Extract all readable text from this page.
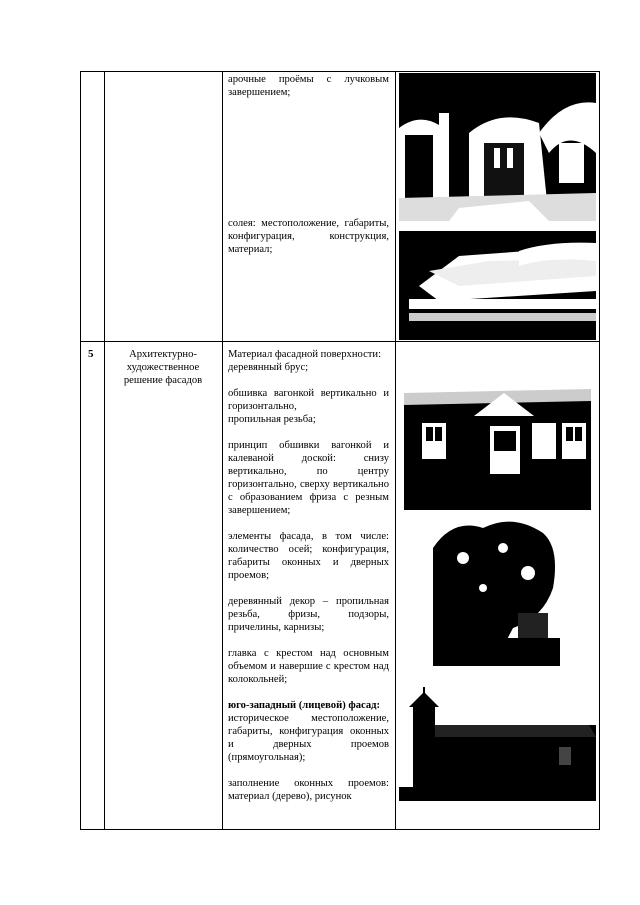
арочные проёмы с лучковым завершением;

солея: местоположение, габариты, конфигурация, конструкция, материал;

5	Архитектурно-художественное решение фасадов

Материал фасадной поверхности:
деревянный брус;

обшивка вагонкой вертикально и горизонтально,
пропильная резьба;

принцип обшивки вагонкой и калеваной доской: снизу вертикально, по центру горизонтально, сверху вертикально с образованием фриза с резным завершением;

элементы фасада, в том числе: количество осей; конфигурация, габариты оконных и дверных проемов;

деревянный декор – пропильная резьба, фризы, подзоры, причелины, карнизы;

главка с крестом над основным объемом и навершие с крестом над колокольней;

юго-западный (лицевой) фасад:
историческое местоположение, габариты, конфигурация оконных и дверных проемов (прямоугольная);

заполнение оконных проемов: материал (дерево), рисунок
